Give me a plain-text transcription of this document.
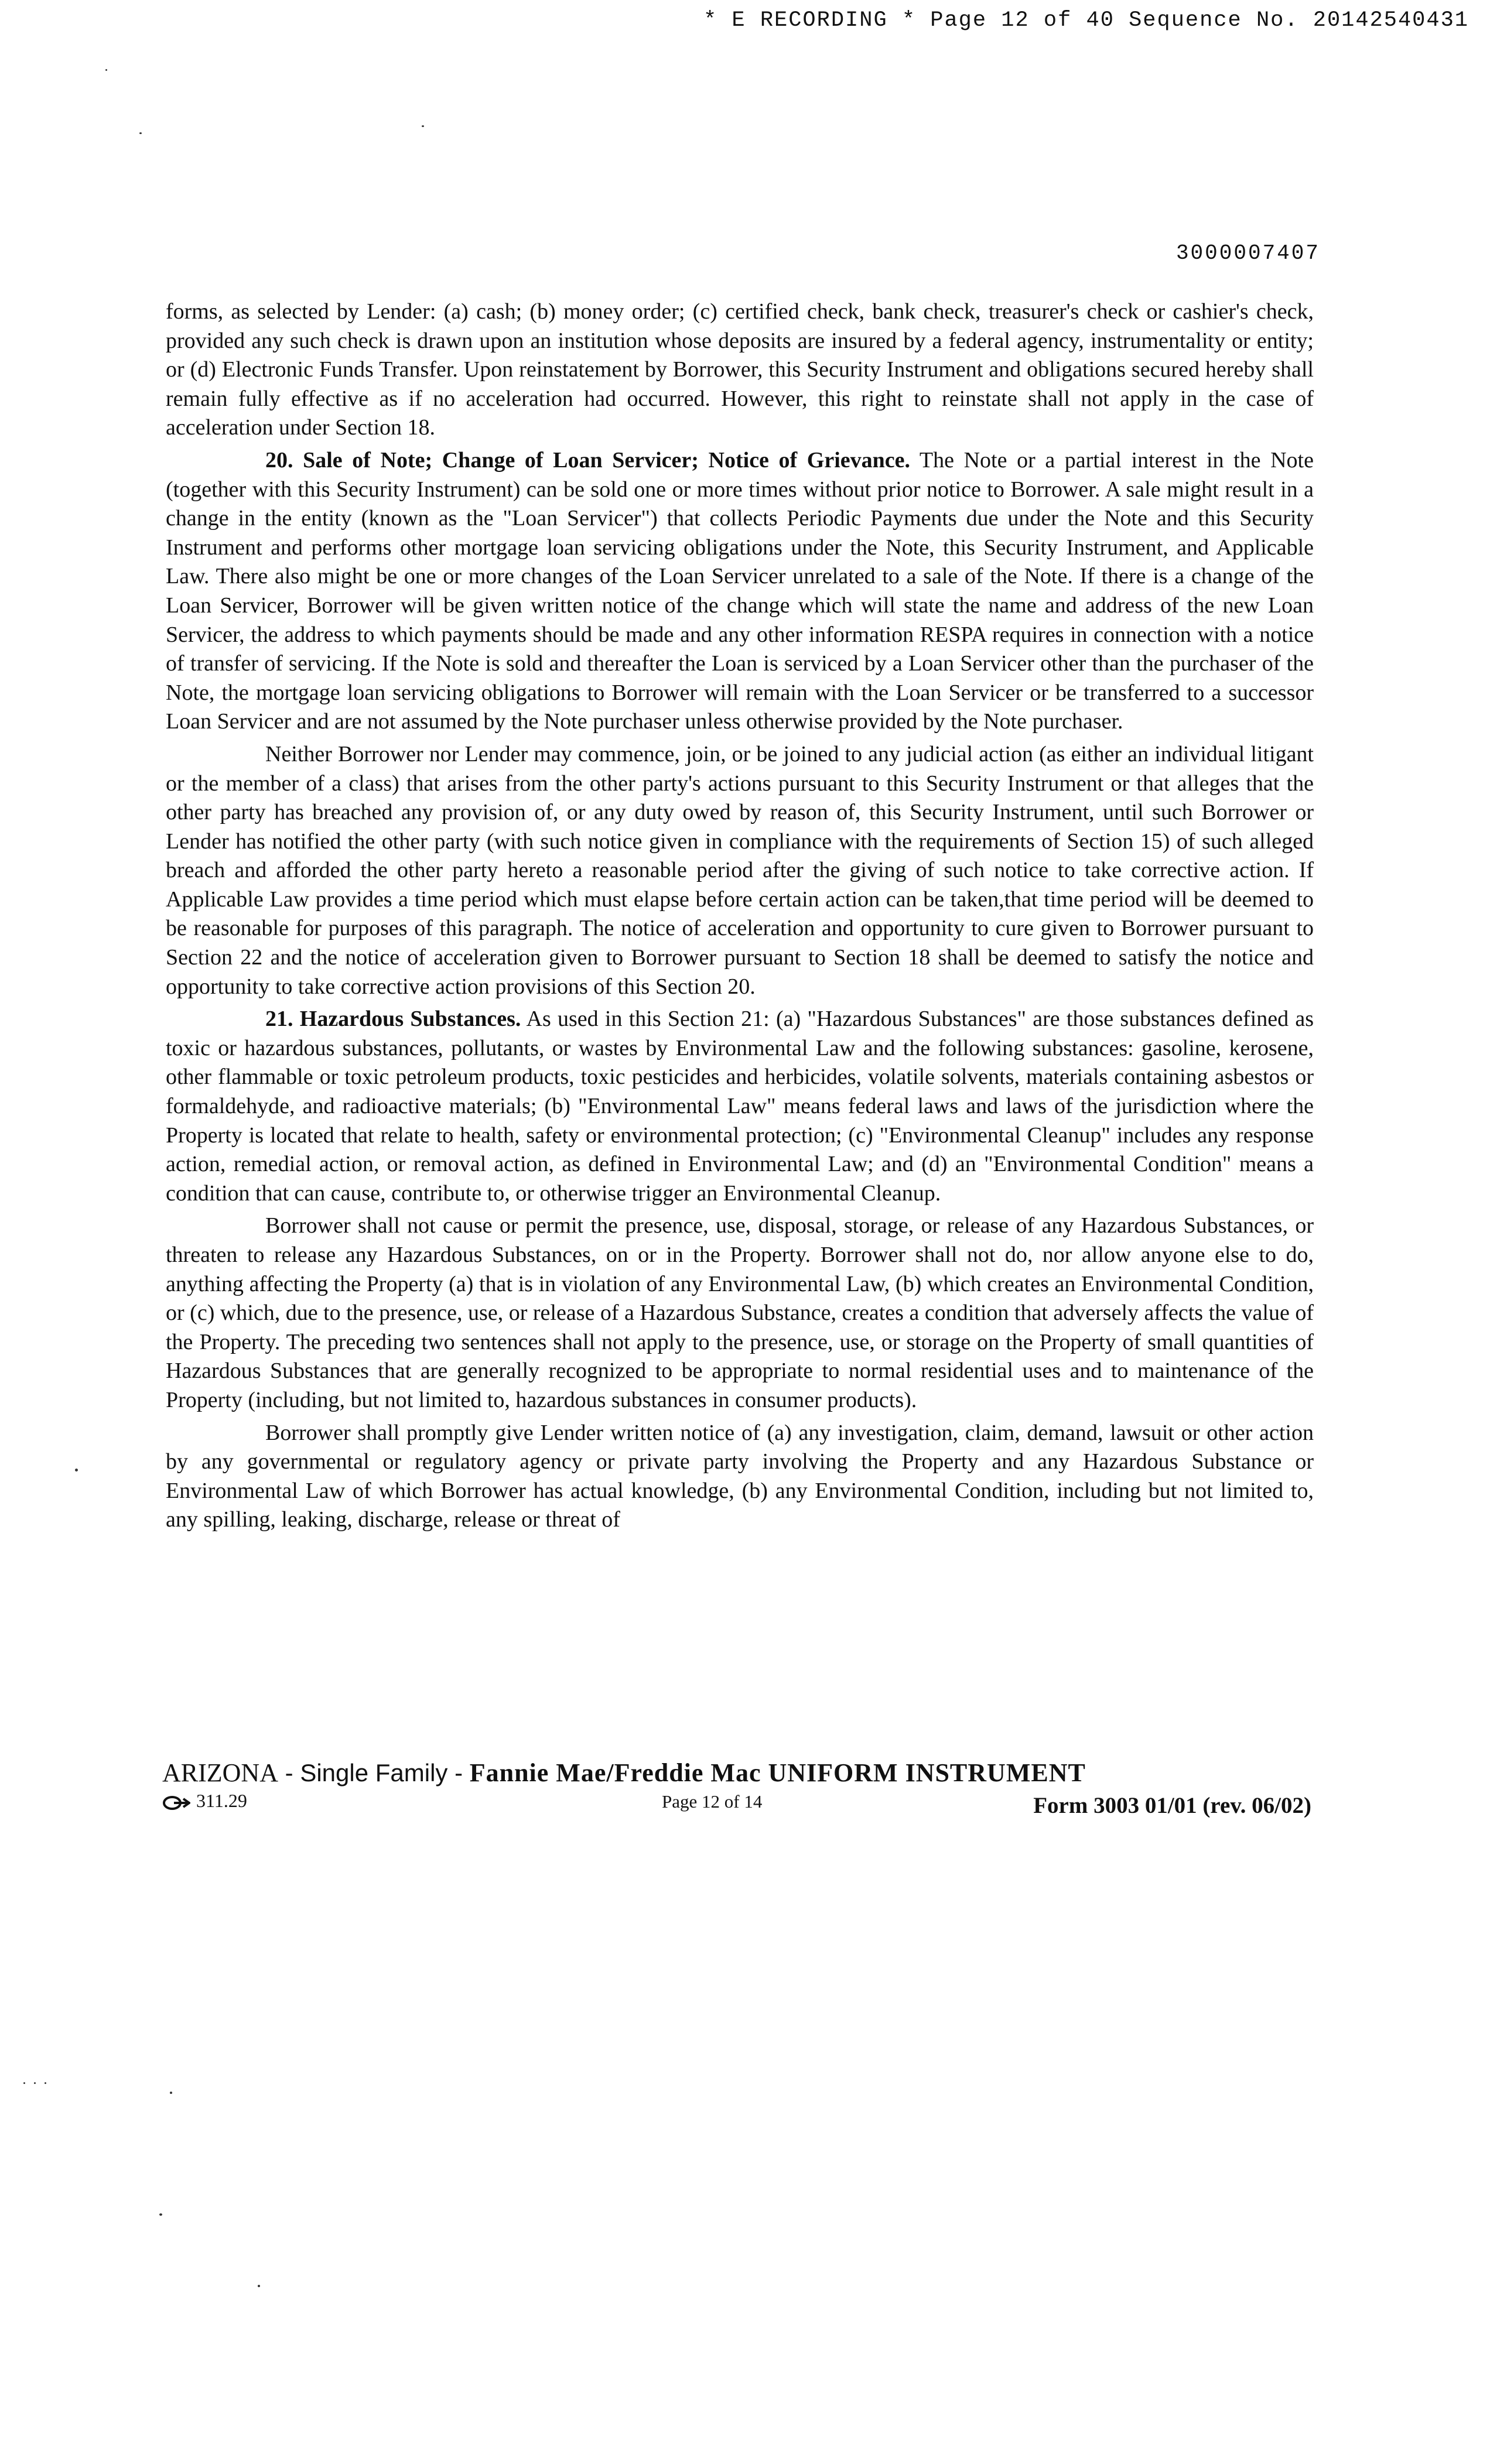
* E RECORDING * Page 12 of 40 Sequence No. 20142540431
3000007407

forms, as selected by Lender: (a) cash; (b) money order; (c) certified check, bank check, treasurer's check or cashier's check, provided any such check is drawn upon an institution whose deposits are insured by a federal agency, instrumentality or entity; or (d) Electronic Funds Transfer. Upon reinstatement by Borrower, this Security Instrument and obligations secured hereby shall remain fully effective as if no acceleration had occurred. However, this right to reinstate shall not apply in the case of acceleration under Section 18.

20. Sale of Note; Change of Loan Servicer; Notice of Grievance. The Note or a partial interest in the Note (together with this Security Instrument) can be sold one or more times without prior notice to Borrower. A sale might result in a change in the entity (known as the "Loan Servicer") that collects Periodic Payments due under the Note and this Security Instrument and performs other mortgage loan servicing obligations under the Note, this Security Instrument, and Applicable Law. There also might be one or more changes of the Loan Servicer unrelated to a sale of the Note. If there is a change of the Loan Servicer, Borrower will be given written notice of the change which will state the name and address of the new Loan Servicer, the address to which payments should be made and any other information RESPA requires in connection with a notice of transfer of servicing. If the Note is sold and thereafter the Loan is serviced by a Loan Servicer other than the purchaser of the Note, the mortgage loan servicing obligations to Borrower will remain with the Loan Servicer or be transferred to a successor Loan Servicer and are not assumed by the Note purchaser unless otherwise provided by the Note purchaser.

Neither Borrower nor Lender may commence, join, or be joined to any judicial action (as either an individual litigant or the member of a class) that arises from the other party's actions pursuant to this Security Instrument or that alleges that the other party has breached any provision of, or any duty owed by reason of, this Security Instrument, until such Borrower or Lender has notified the other party (with such notice given in compliance with the requirements of Section 15) of such alleged breach and afforded the other party hereto a reasonable period after the giving of such notice to take corrective action. If Applicable Law provides a time period which must elapse before certain action can be taken,that time period will be deemed to be reasonable for purposes of this paragraph. The notice of acceleration and opportunity to cure given to Borrower pursuant to Section 22 and the notice of acceleration given to Borrower pursuant to Section 18 shall be deemed to satisfy the notice and opportunity to take corrective action provisions of this Section 20.

21. Hazardous Substances. As used in this Section 21: (a) "Hazardous Substances" are those substances defined as toxic or hazardous substances, pollutants, or wastes by Environmental Law and the following substances: gasoline, kerosene, other flammable or toxic petroleum products, toxic pesticides and herbicides, volatile solvents, materials containing asbestos or formaldehyde, and radioactive materials; (b) "Environmental Law" means federal laws and laws of the jurisdiction where the Property is located that relate to health, safety or environmental protection; (c) "Environmental Cleanup" includes any response action, remedial action, or removal action, as defined in Environmental Law; and (d) an "Environmental Condition" means a condition that can cause, contribute to, or otherwise trigger an Environmental Cleanup.

Borrower shall not cause or permit the presence, use, disposal, storage, or release of any Hazardous Substances, or threaten to release any Hazardous Substances, on or in the Property. Borrower shall not do, nor allow anyone else to do, anything affecting the Property (a) that is in violation of any Environmental Law, (b) which creates an Environmental Condition, or (c) which, due to the presence, use, or release of a Hazardous Substance, creates a condition that adversely affects the value of the Property. The preceding two sentences shall not apply to the presence, use, or storage on the Property of small quantities of Hazardous Substances that are generally recognized to be appropriate to normal residential uses and to maintenance of the Property (including, but not limited to, hazardous substances in consumer products).

Borrower shall promptly give Lender written notice of (a) any investigation, claim, demand, lawsuit or other action by any governmental or regulatory agency or private party involving the Property and any Hazardous Substance or Environmental Law of which Borrower has actual knowledge, (b) any Environmental Condition, including but not limited to, any spilling, leaking, discharge, release or threat of

ARIZONA - Single Family - Fannie Mae/Freddie Mac UNIFORM INSTRUMENT
311.29	Page 12 of 14	Form 3003 01/01 (rev. 06/02)
